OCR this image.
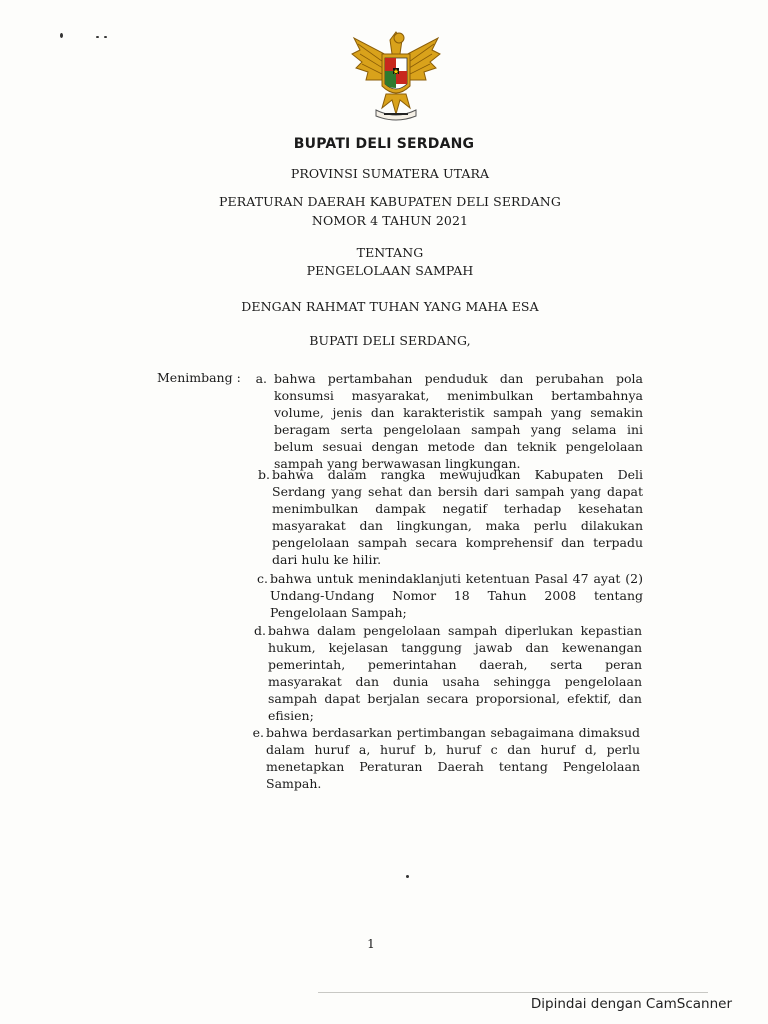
BUPATI DELI SERDANG
PROVINSI SUMATERA UTARA
PERATURAN DAERAH KABUPATEN DELI SERDANG
NOMOR 4 TAHUN 2021
TENTANG
PENGELOLAAN SAMPAH
DENGAN RAHMAT TUHAN YANG MAHA ESA
BUPATI DELI SERDANG,
Menimbang :	a. bahwa pertambahan penduduk dan perubahan pola konsumsi masyarakat, menimbulkan bertambahnya volume, jenis dan karakteristik sampah yang semakin beragam serta pengelolaan sampah yang selama ini belum sesuai dengan metode dan teknik pengelolaan sampah yang berwawasan lingkungan.
b. bahwa dalam rangka mewujudkan Kabupaten Deli Serdang yang sehat dan bersih dari sampah yang dapat menimbulkan dampak negatif terhadap kesehatan masyarakat dan lingkungan, maka perlu dilakukan pengelolaan sampah secara komprehensif dan terpadu dari hulu ke hilir.
c. bahwa untuk menindaklanjuti ketentuan Pasal 47 ayat (2) Undang-Undang Nomor 18 Tahun 2008 tentang Pengelolaan Sampah;
d. bahwa dalam pengelolaan sampah diperlukan kepastian hukum, kejelasan tanggung jawab dan kewenangan pemerintah, pemerintahan daerah, serta peran masyarakat dan dunia usaha sehingga pengelolaan sampah dapat berjalan secara proporsional, efektif, dan efisien;
e. bahwa berdasarkan pertimbangan sebagaimana dimaksud dalam huruf a, huruf b, huruf c dan huruf d, perlu menetapkan Peraturan Daerah tentang Pengelolaan Sampah.
1
Dipindai dengan CamScanner
